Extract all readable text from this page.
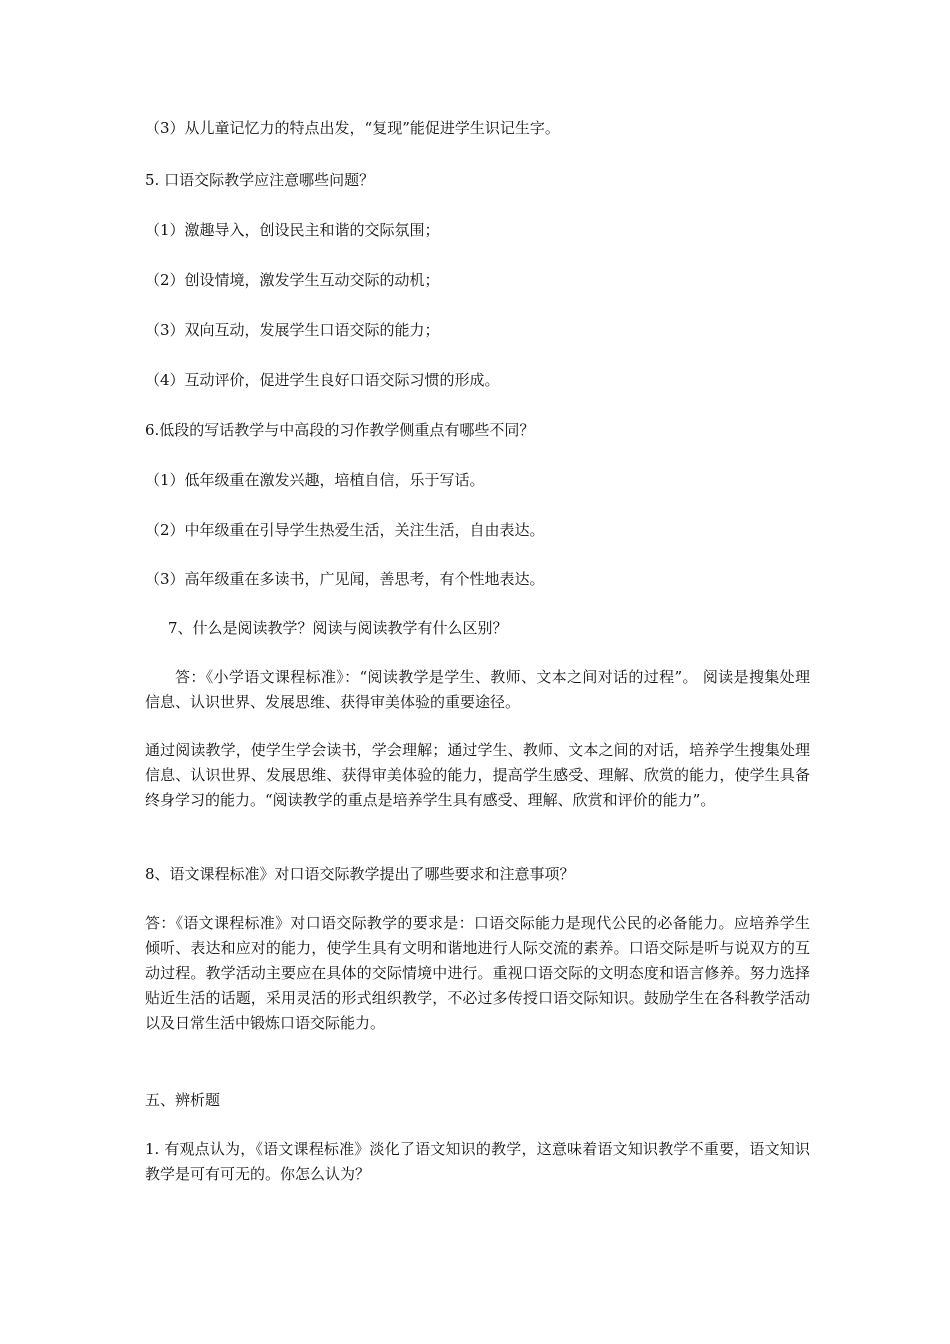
（3）从儿童记忆力的特点出发，“复现”能促进学生识记生字。

5. 口语交际教学应注意哪些问题？

（1）激趣导入，创设民主和谐的交际氛围；

（2）创设情境，激发学生互动交际的动机；

（3）双向互动，发展学生口语交际的能力；

（4）互动评价，促进学生良好口语交际习惯的形成。

6.低段的写话教学与中高段的习作教学侧重点有哪些不同？

（1）低年级重在激发兴趣，培植自信，乐于写话。

（2）中年级重在引导学生热爱生活，关注生活，自由表达。

（3）高年级重在多读书，广见闻，善思考，有个性地表达。

7、什么是阅读教学？阅读与阅读教学有什么区别？

答：《小学语文课程标准》：“阅读教学是学生、教师、文本之间对话的过程”。 阅读是搜集处理信息、认识世界、发展思维、获得审美体验的重要途径。

通过阅读教学，使学生学会读书，学会理解；通过学生、教师、文本之间的对话，培养学生搜集处理信息、认识世界、发展思维、获得审美体验的能力，提高学生感受、理解、欣赏的能力，使学生具备终身学习的能力。“阅读教学的重点是培养学生具有感受、理解、欣赏和评价的能力”。

8、语文课程标准》对口语交际教学提出了哪些要求和注意事项？

答：《语文课程标准》对口语交际教学的要求是：口语交际能力是现代公民的必备能力。应培养学生倾听、表达和应对的能力，使学生具有文明和谐地进行人际交流的素养。口语交际是听与说双方的互动过程。教学活动主要应在具体的交际情境中进行。重视口语交际的文明态度和语言修养。努力选择贴近生活的话题，采用灵活的形式组织教学，不必过多传授口语交际知识。鼓励学生在各科教学活动以及日常生活中锻炼口语交际能力。

五、辨析题

1. 有观点认为，《语文课程标准》淡化了语文知识的教学，这意味着语文知识教学不重要，语文知识教学是可有可无的。你怎么认为？
